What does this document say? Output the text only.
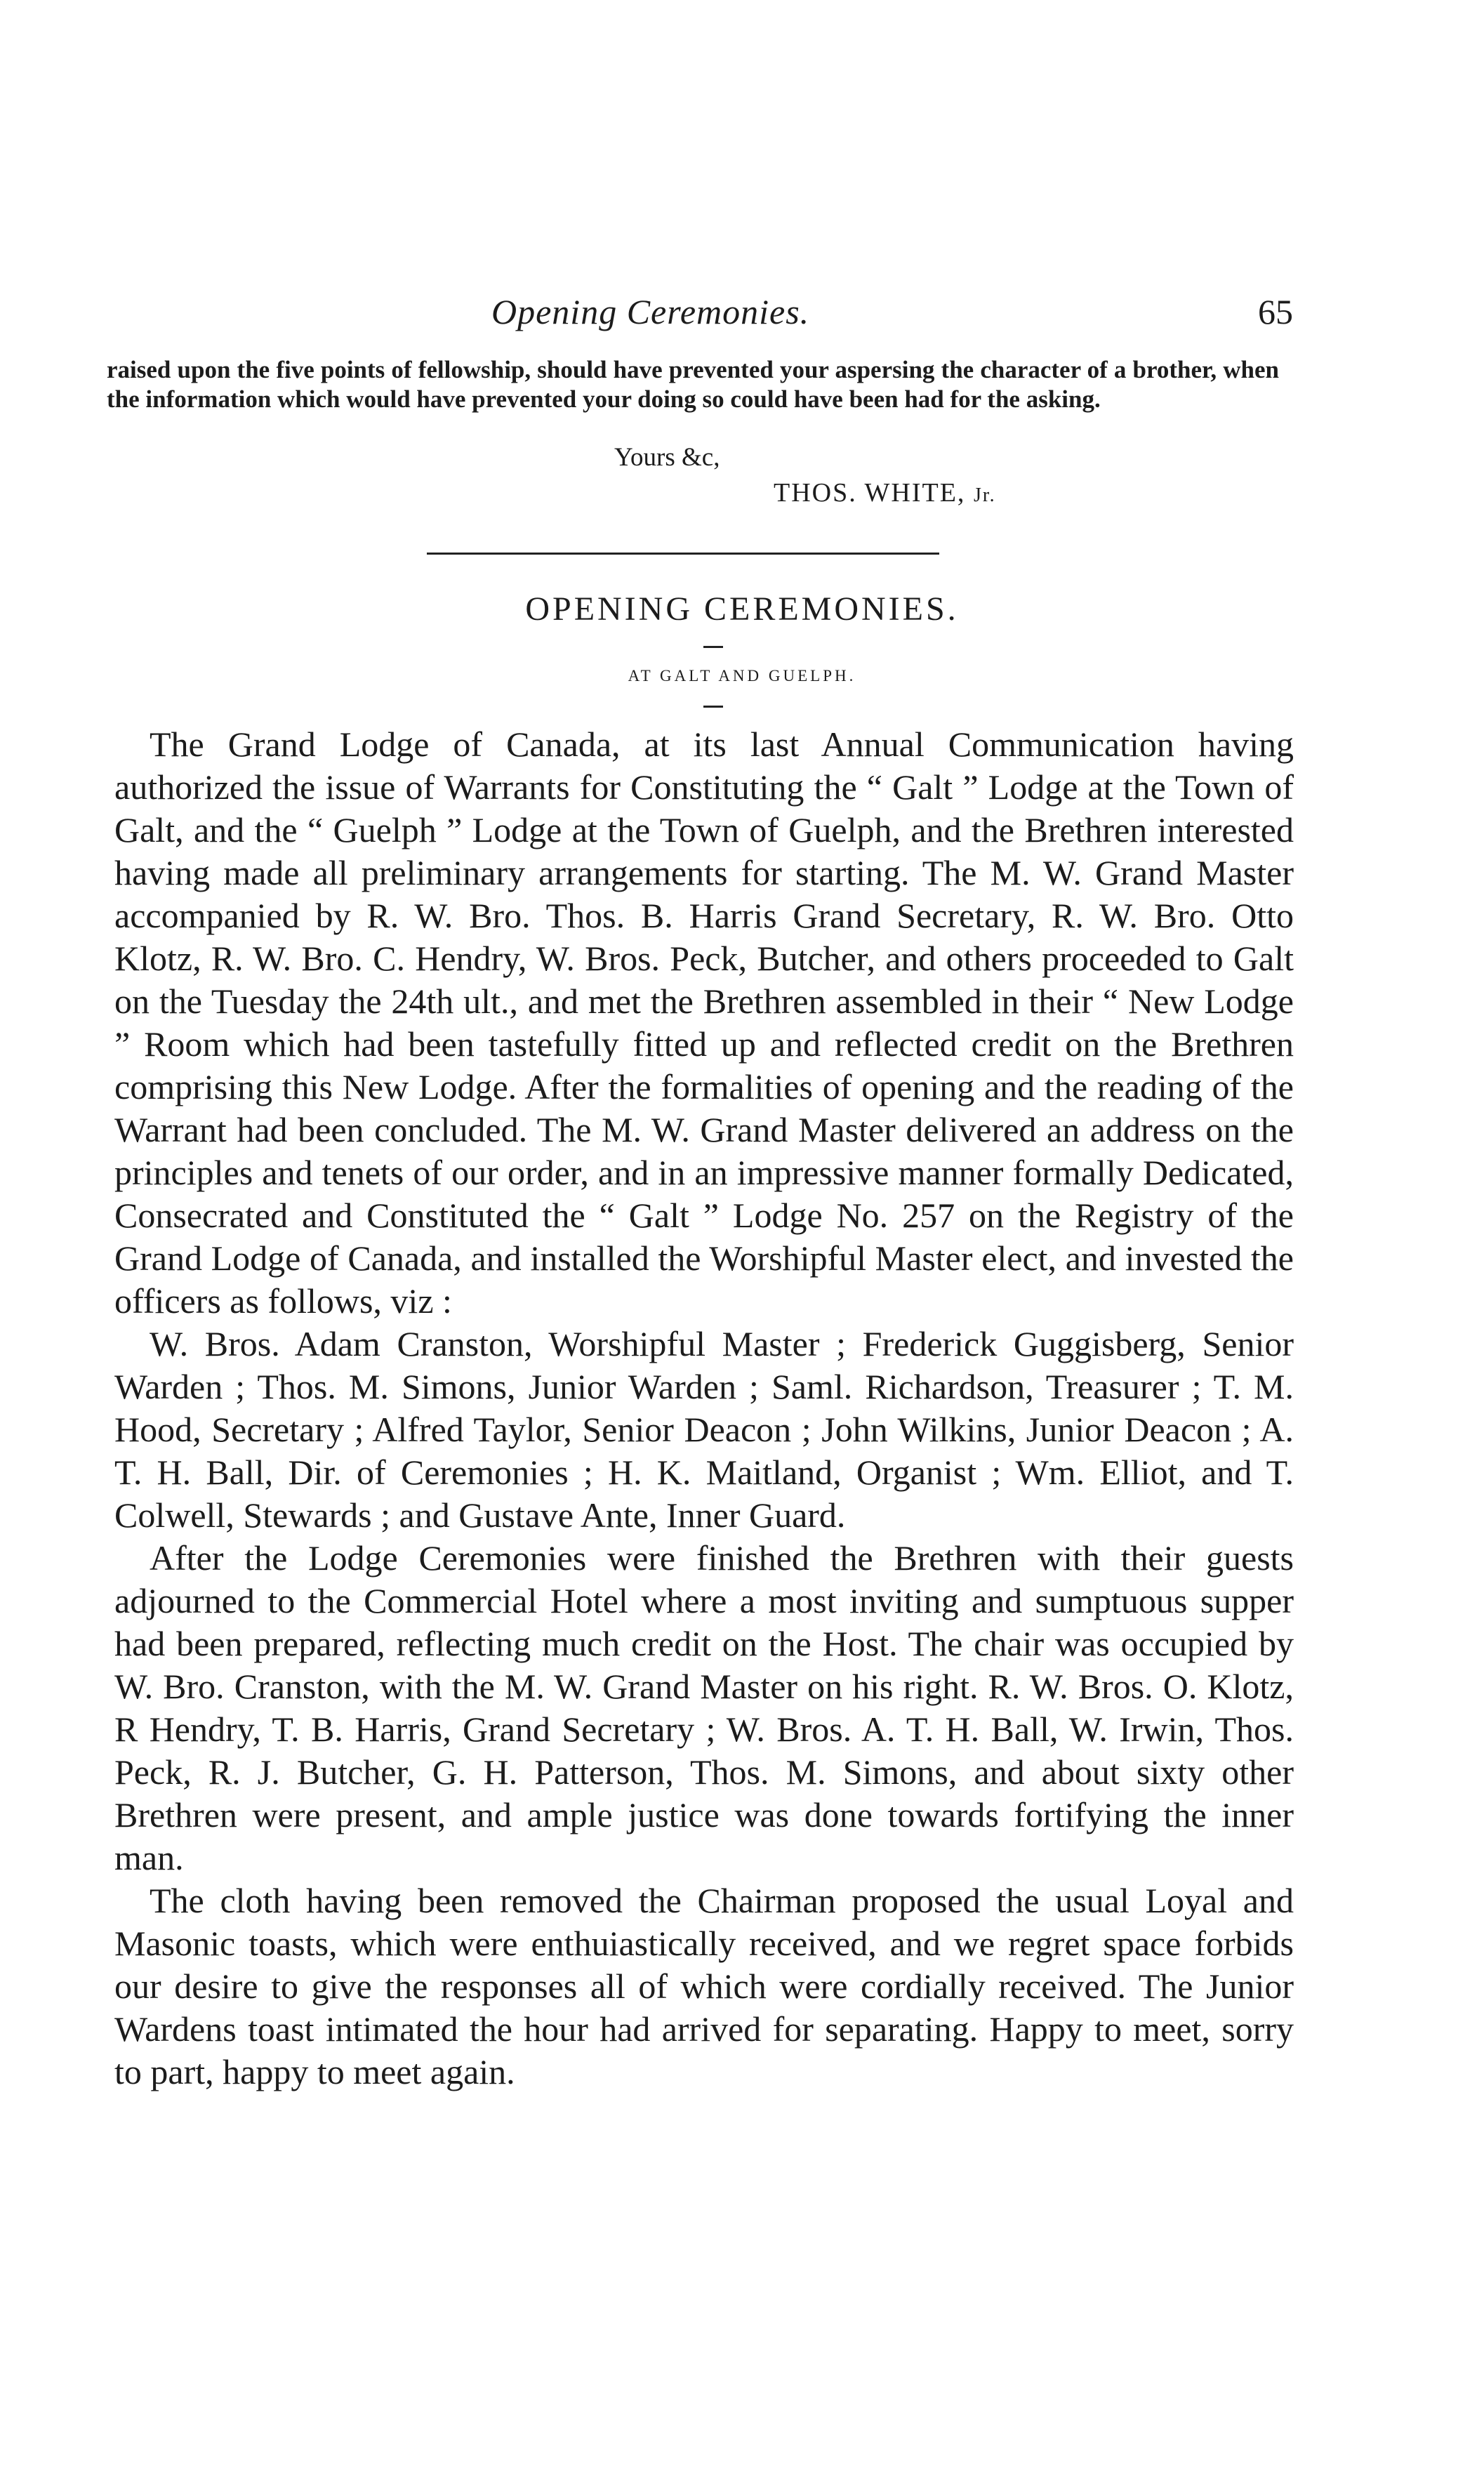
Opening Ceremonies.	65
raised upon the five points of fellowship, should have prevented your aspersing the character of a brother, when the information which would have prevented your doing so could have been had for the asking.
Yours &c,
THOS. WHITE, Jr.
OPENING CEREMONIES.
AT GALT AND GUELPH.

The Grand Lodge of Canada, at its last Annual Communication having authorized the issue of Warrants for Constituting the “ Galt ” Lodge at the Town of Galt, and the “ Guelph ” Lodge at the Town of Guelph, and the Brethren interested having made all preliminary arrangements for starting. The M. W. Grand Master accompanied by R. W. Bro. Thos. B. Harris Grand Secretary, R. W. Bro. Otto Klotz, R. W. Bro. C. Hendry, W. Bros. Peck, Butcher, and others proceeded to Galt on the Tuesday the 24th ult., and met the Brethren assembled in their “ New Lodge ” Room which had been tastefully fitted up and reflected credit on the Brethren comprising this New Lodge. After the formalities of opening and the reading of the Warrant had been concluded. The M. W. Grand Master delivered an address on the principles and tenets of our order, and in an impressive manner formally Dedicated, Consecrated and Constituted the “ Galt ” Lodge No. 257 on the Registry of the Grand Lodge of Canada, and installed the Worshipful Master elect, and invested the officers as follows, viz :

W. Bros. Adam Cranston, Worshipful Master ; Frederick Guggisberg, Senior Warden ; Thos. M. Simons, Junior Warden ; Saml. Richardson, Treasurer ; T. M. Hood, Secretary ; Alfred Taylor, Senior Deacon ; John Wilkins, Junior Deacon ; A. T. H. Ball, Dir. of Ceremonies ; H. K. Maitland, Organist ; Wm. Elliot, and T. Colwell, Stewards ; and Gustave Ante, Inner Guard.

After the Lodge Ceremonies were finished the Brethren with their guests adjourned to the Commercial Hotel where a most inviting and sumptuous supper had been prepared, reflecting much credit on the Host. The chair was occupied by W. Bro. Cranston, with the M. W. Grand Master on his right. R. W. Bros. O. Klotz, R Hendry, T. B. Harris, Grand Secretary ; W. Bros. A. T. H. Ball, W. Irwin, Thos. Peck, R. J. Butcher, G. H. Patterson, Thos. M. Simons, and about sixty other Brethren were present, and ample justice was done towards fortifying the inner man.

The cloth having been removed the Chairman proposed the usual Loyal and Masonic toasts, which were enthuiastically received, and we regret space forbids our desire to give the responses all of which were cordially received. The Junior Wardens toast intimated the hour had arrived for separating. Happy to meet, sorry to part, happy to meet again.
